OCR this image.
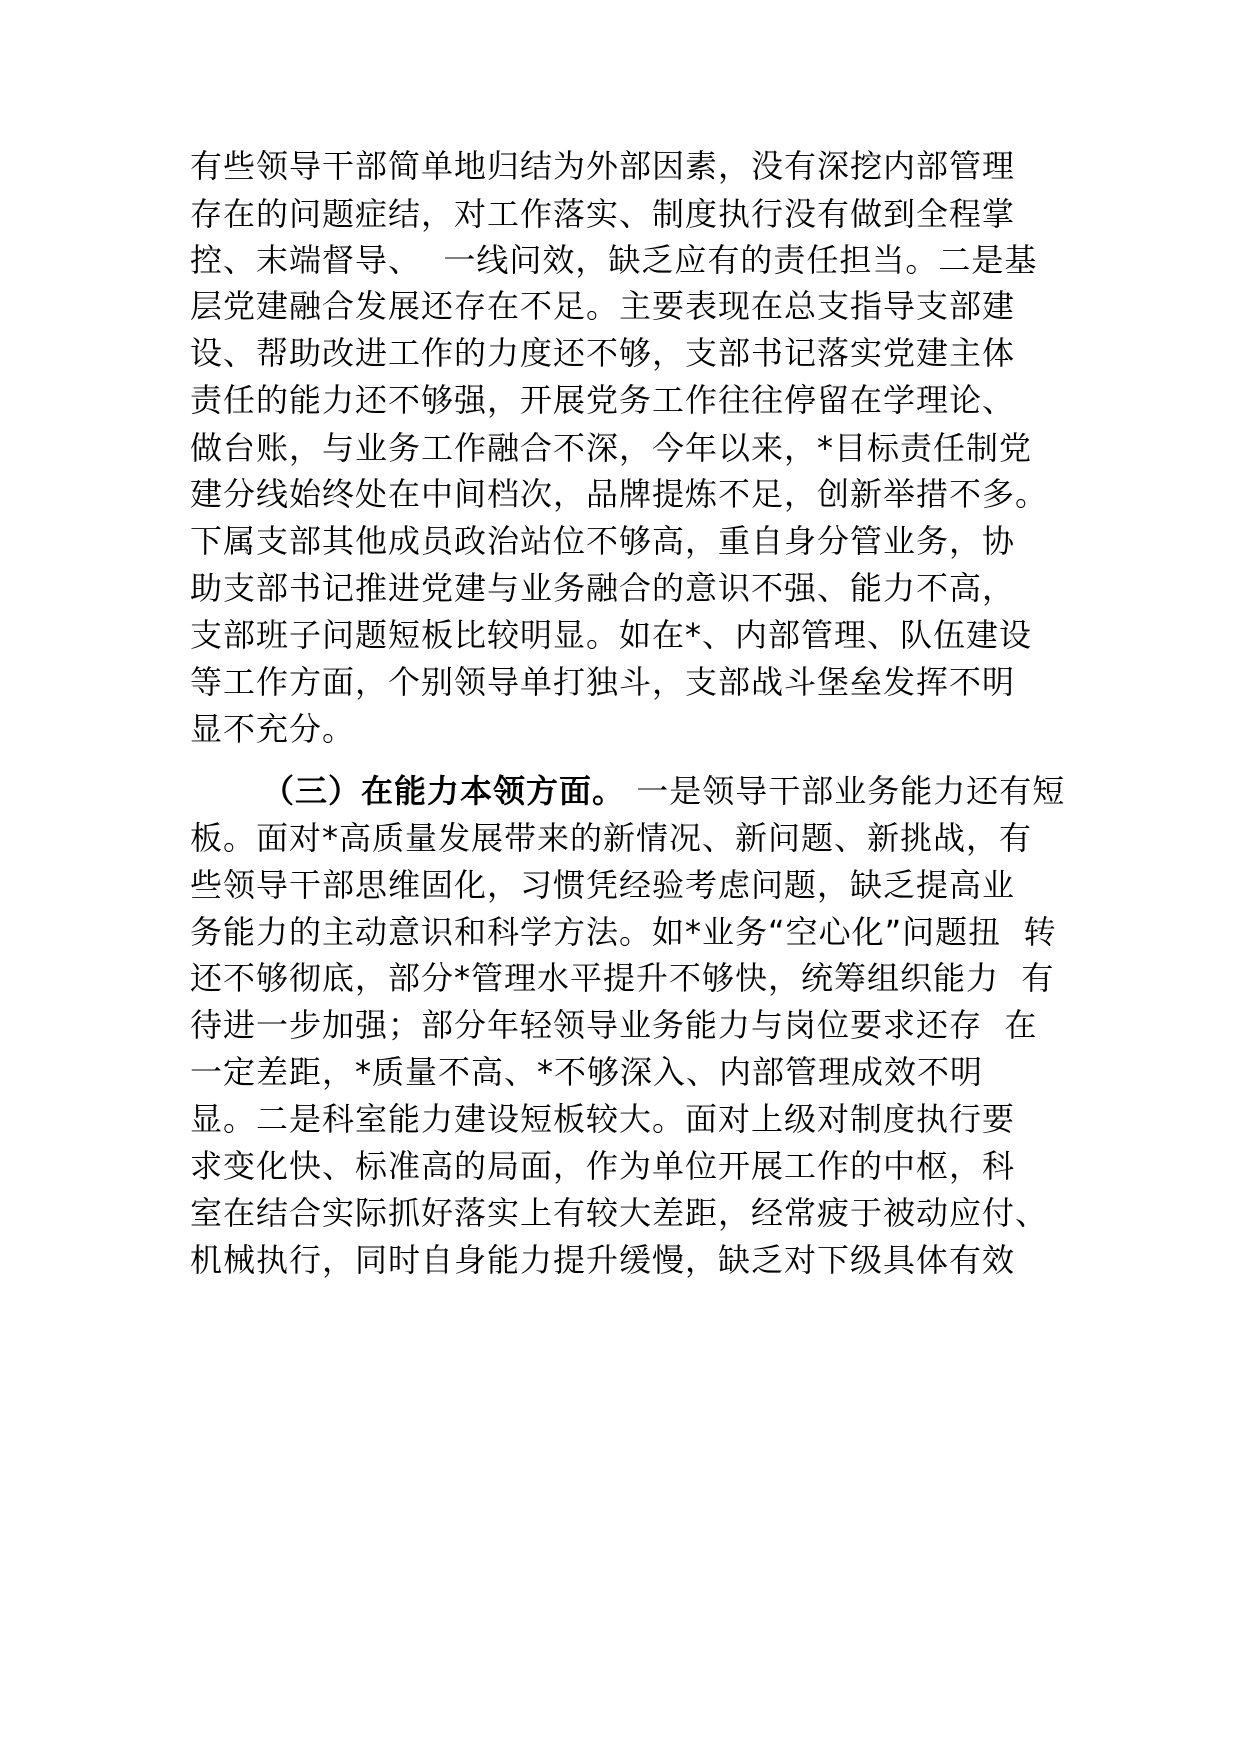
有些领导干部简单地归结为外部因素，没有深挖内部管理
存在的问题症结，对工作落实、制度执行没有做到全程掌
控、末端督导、  一线问效，缺乏应有的责任担当。二是基
层党建融合发展还存在不足。主要表现在总支指导支部建
设、帮助改进工作的力度还不够，支部书记落实党建主体
责任的能力还不够强，开展党务工作往往停留在学理论、
做台账，与业务工作融合不深，今年以来，*目标责任制党
建分线始终处在中间档次，品牌提炼不足，创新举措不多。
下属支部其他成员政治站位不够高，重自身分管业务，协
助支部书记推进党建与业务融合的意识不强、能力不高，
支部班子问题短板比较明显。如在*、内部管理、队伍建设
等工作方面，个别领导单打独斗，支部战斗堡垒发挥不明
显不充分。
（三）在能力本领方面。 一是领导干部业务能力还有短
板。面对*高质量发展带来的新情况、新问题、新挑战，有
些领导干部思维固化，习惯凭经验考虑问题，缺乏提高业
务能力的主动意识和科学方法。如*业务“空心化”问题扭  转
还不够彻底，部分*管理水平提升不够快，统筹组织能力  有
待进一步加强；部分年轻领导业务能力与岗位要求还存  在
一定差距，*质量不高、*不够深入、内部管理成效不明
显。二是科室能力建设短板较大。面对上级对制度执行要
求变化快、标准高的局面，作为单位开展工作的中枢，科
室在结合实际抓好落实上有较大差距，经常疲于被动应付、
机械执行，同时自身能力提升缓慢，缺乏对下级具体有效
